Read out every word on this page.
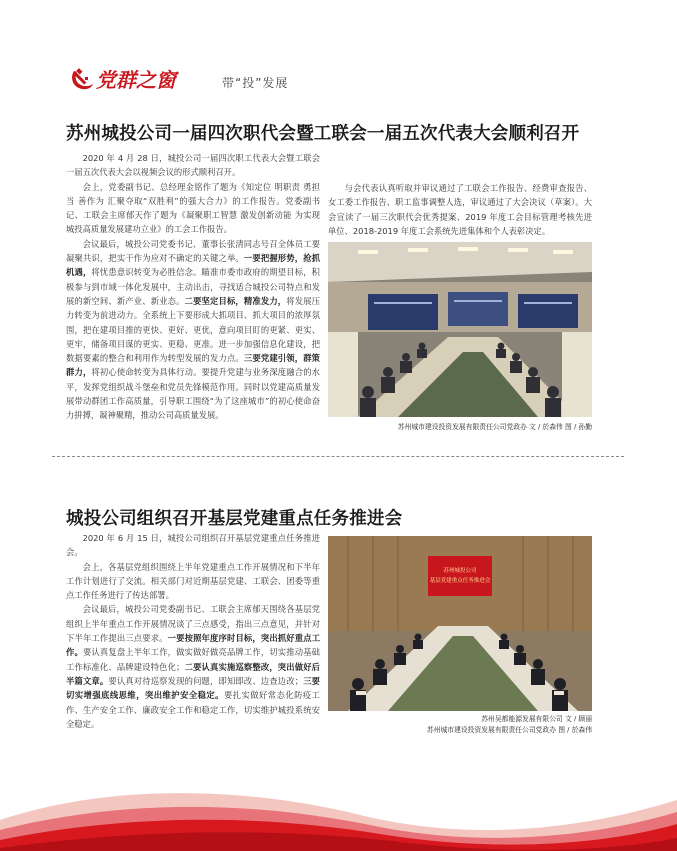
党群之窗	带“投”发展
苏州城投公司一届四次职代会暨工联会一届五次代表大会顺利召开

2020 年 4 月 28 日，城投公司一届四次职工代表大会暨工联会一届五次代表大会以视频会议的形式顺利召开。

会上，党委副书记、总经理金铭作了题为《知定位 明职责 勇担当 善作为 汇聚夺取“双胜利”的强大合力》的工作报告。党委副书记、工联会主席郁天作了题为《凝聚职工智慧 激发创新动能 为实现城投高质量发展建功立业》的工会工作报告。

会议最后，城投公司党委书记、董事长张清同志号召全体员工要凝聚共识，把实干作为应对不确定的关键之举。一要把握形势，抢抓机遇，将忧患意识转变为必胜信念。瞄准市委市政府的期望目标，积极参与到市域一体化发展中，主动出击，寻找适合城投公司特点和发展的新空间、新产业、新业态。二要坚定目标，精准发力，将发展压力转变为前进动力。全系统上下要形成大抓项目、抓大项目的浓厚氛围，把在建项目推的更快、更好、更优，意向项目盯的更紧、更实、更牢，储备项目谋的更实、更稳、更准。进一步加强信息化建设，把数据要素的整合和利用作为转型发展的发力点。三要党建引领，群策群力，将初心使命转变为具体行动。要提升党建与业务深度融合的水平，发挥党组织战斗堡垒和党员先锋模范作用。同时以党建高质量发展带动群团工作高质量，引导职工围绕“为了这座城市”的初心使命奋力拼搏，凝神聚精，推动公司高质量发展。

与会代表认真听取并审议通过了工联会工作报告、经费审查报告、女工委工作报告、职工监事调整人选，审议通过了大会决议（草案）。大会宣读了一届三次职代会优秀提案、2019 年度工会目标管理考核先进单位、2018-2019 年度工会系统先进集体和个人表彰决定。

苏州城市建设投资发展有限责任公司党政办 文 / 於森伟 图 / 孙勤
城投公司组织召开基层党建重点任务推进会

2020 年 6 月 15 日，城投公司组织召开基层党建重点任务推进会。

会上，各基层党组织围绕上半年党建重点工作开展情况和下半年工作计划进行了交流。相关部门对近期基层党建、工联会、团委等重点工作任务进行了传达部署。

会议最后，城投公司党委副书记、工联会主席郁天围绕各基层党组织上半年重点工作开展情况谈了三点感受，指出三点意见，并针对下半年工作提出三点要求。一要按照年度序时目标，突出抓好重点工作。要认真复盘上半年工作，做实做好做亮品牌工作，切实推动基础工作标准化、品牌建设特色化；二要认真实施巡察整改，突出做好后半篇文章。要认真对待巡察发现的问题，即知即改、边查边改；三要切实增强底线思维，突出维护安全稳定。要扎实做好常态化防疫工作、生产安全工作、廉政安全工作和稳定工作，切实维护城投系统安全稳定。

苏州城投公司
基层党建重点任务推进会
苏州吴都能源发展有限公司 文 / 顾丽
苏州城市建设投资发展有限责任公司党政办 图 / 於森伟
